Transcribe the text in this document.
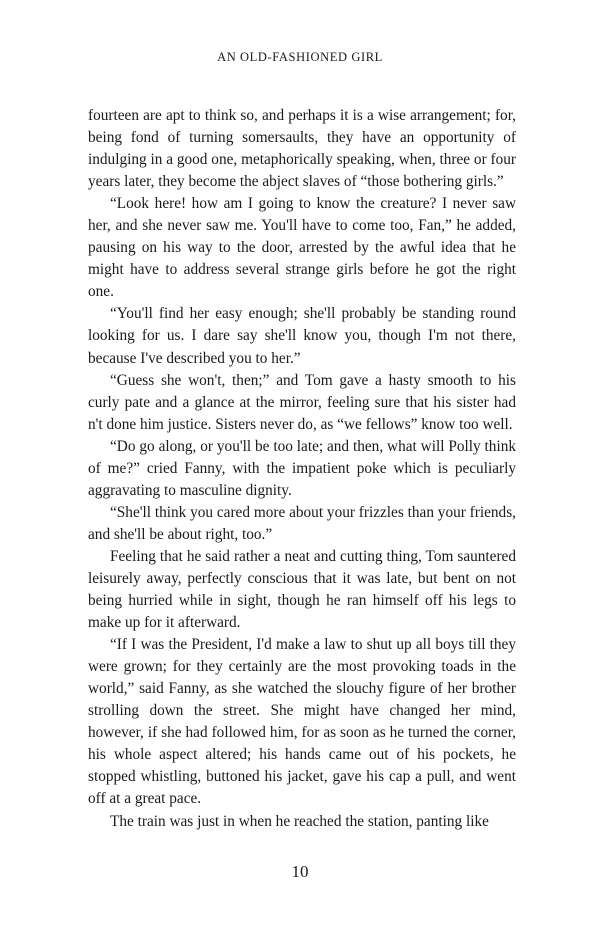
AN OLD-FASHIONED GIRL

fourteen are apt to think so, and perhaps it is a wise arrangement; for, being fond of turning somersaults, they have an opportunity of indulging in a good one, metaphorically speaking, when, three or four years later, they become the abject slaves of “those bothering girls.”

“Look here! how am I going to know the creature? I never saw her, and she never saw me. You'll have to come too, Fan,” he added, pausing on his way to the door, arrested by the awful idea that he might have to address several strange girls before he got the right one.

“You'll find her easy enough; she'll probably be standing round looking for us. I dare say she'll know you, though I'm not there, because I've described you to her.”

“Guess she won't, then;” and Tom gave a hasty smooth to his curly pate and a glance at the mirror, feeling sure that his sister had n't done him justice. Sisters never do, as “we fellows” know too well.

“Do go along, or you'll be too late; and then, what will Polly think of me?” cried Fanny, with the impatient poke which is peculiarly aggravating to masculine dignity.

“She'll think you cared more about your frizzles than your friends, and she'll be about right, too.”

Feeling that he said rather a neat and cutting thing, Tom sauntered leisurely away, perfectly conscious that it was late, but bent on not being hurried while in sight, though he ran himself off his legs to make up for it afterward.

“If I was the President, I'd make a law to shut up all boys till they were grown; for they certainly are the most provoking toads in the world,” said Fanny, as she watched the slouchy figure of her brother strolling down the street. She might have changed her mind, however, if she had followed him, for as soon as he turned the corner, his whole aspect altered; his hands came out of his pockets, he stopped whistling, buttoned his jacket, gave his cap a pull, and went off at a great pace.

The train was just in when he reached the station, panting like

10
